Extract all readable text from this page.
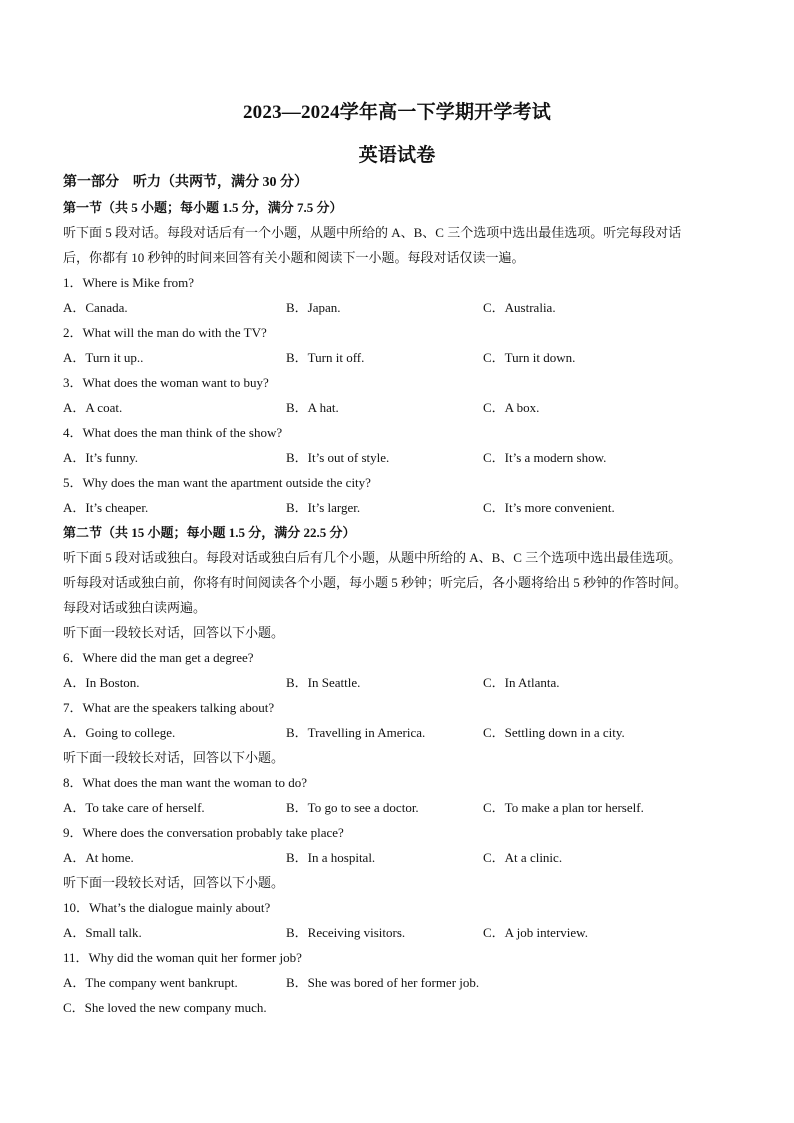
2023—2024学年高一下学期开学考试
英语试卷
第一部分　听力（共两节，满分 30 分）
第一节（共 5 小题；每小题 1.5 分，满分 7.5 分）
听下面 5 段对话。每段对话后有一个小题，从题中所给的 A、B、C 三个选项中选出最佳选项。听完每段对话
后，你都有 10 秒钟的时间来回答有关小题和阅读下一小题。每段对话仅读一遍。
1．Where is Mike from?
A．Canada.	B．Japan.	C．Australia.
2．What will the man do with the TV?
A．Turn it up..	B．Turn it off.	C．Turn it down.
3．What does the woman want to buy?
A．A coat.	B．A hat.	C．A box.
4．What does the man think of the show?
A．It’s funny.	B．It’s out of style.	C．It’s a modern show.
5．Why does the man want the apartment outside the city?
A．It’s cheaper.	B．It’s larger.	C．It’s more convenient.
第二节（共 15 小题；每小题 1.5 分，满分 22.5 分）
听下面 5 段对话或独白。每段对话或独白后有几个小题，从题中所给的 A、B、C 三个选项中选出最佳选项。
听每段对话或独白前，你将有时间阅读各个小题，每小题 5 秒钟；听完后，各小题将给出 5 秒钟的作答时间。
每段对话或独白读两遍。
听下面一段较长对话，回答以下小题。
6．Where did the man get a degree?
A．In Boston.	B．In Seattle.	C．In Atlanta.
7．What are the speakers talking about?
A．Going to college.	B．Travelling in America.	C．Settling down in a city.
听下面一段较长对话，回答以下小题。
8．What does the man want the woman to do?
A．To take care of herself.	B．To go to see a doctor.	C．To make a plan tor herself.
9．Where does the conversation probably take place?
A．At home.	B．In a hospital.	C．At a clinic.
听下面一段较长对话，回答以下小题。
10．What’s the dialogue mainly about?
A．Small talk.	B．Receiving visitors.	C．A job interview.
11．Why did the woman quit her former job?
A．The company went bankrupt.	B．She was bored of her former job.
C．She loved the new company much.
